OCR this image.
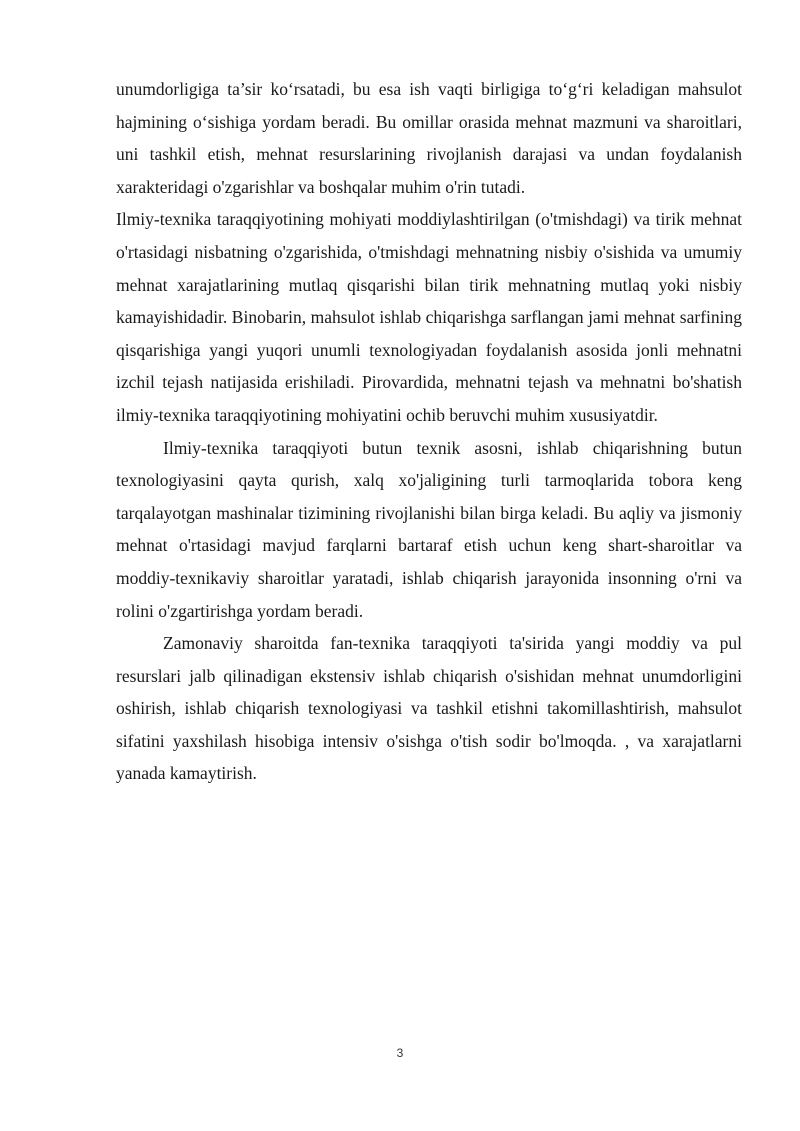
unumdorligiga ta’sir ko‘rsatadi, bu esa ish vaqti birligiga to‘g‘ri keladigan mahsulot hajmining o‘sishiga yordam beradi. Bu omillar orasida mehnat mazmuni va sharoitlari, uni tashkil etish, mehnat resurslarining rivojlanish darajasi va undan foydalanish xarakteridagi o'zgarishlar va boshqalar muhim o'rin tutadi.

Ilmiy-texnika taraqqiyotining mohiyati moddiylashtirilgan (o'tmishdagi) va tirik mehnat o'rtasidagi nisbatning o'zgarishida, o'tmishdagi mehnatning nisbiy o'sishida va umumiy mehnat xarajatlarining mutlaq qisqarishi bilan tirik mehnatning mutlaq yoki nisbiy kamayishidadir. Binobarin, mahsulot ishlab chiqarishga sarflangan jami mehnat sarfining qisqarishiga yangi yuqori unumli texnologiyadan foydalanish asosida jonli mehnatni izchil tejash natijasida erishiladi. Pirovardida, mehnatni tejash va mehnatni bo'shatish ilmiy-texnika taraqqiyotining mohiyatini ochib beruvchi muhim xususiyatdir.

Ilmiy-texnika taraqqiyoti butun texnik asosni, ishlab chiqarishning butun texnologiyasini qayta qurish, xalq xo'jaligining turli tarmoqlarida tobora keng tarqalayotgan mashinalar tizimining rivojlanishi bilan birga keladi. Bu aqliy va jismoniy mehnat o'rtasidagi mavjud farqlarni bartaraf etish uchun keng shart-sharoitlar va moddiy-texnikaviy sharoitlar yaratadi, ishlab chiqarish jarayonida insonning o'rni va rolini o'zgartirishga yordam beradi.

Zamonaviy sharoitda fan-texnika taraqqiyoti ta'sirida yangi moddiy va pul resurslari jalb qilinadigan ekstensiv ishlab chiqarish o'sishidan mehnat unumdorligini oshirish, ishlab chiqarish texnologiyasi va tashkil etishni takomillashtirish, mahsulot sifatini yaxshilash hisobiga intensiv o'sishga o'tish sodir bo'lmoqda. , va xarajatlarni yanada kamaytirish.

3
